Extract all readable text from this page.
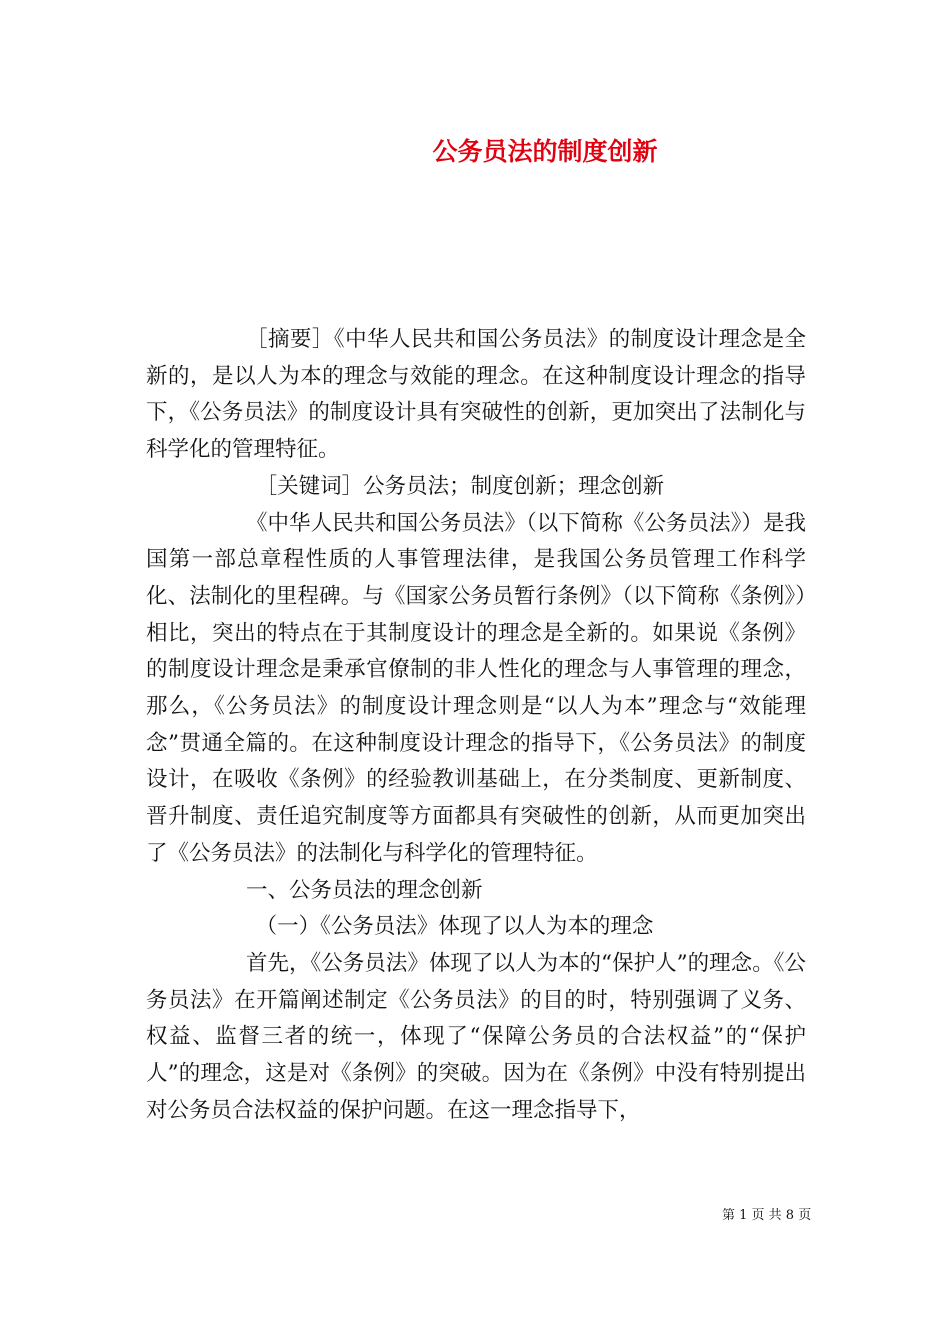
公务员法的制度创新

［摘要］《中华人民共和国公务员法》的制度设计理念是全新的，是以人为本的理念与效能的理念。在这种制度设计理念的指导下，《公务员法》的制度设计具有突破性的创新，更加突出了法制化与科学化的管理特征。

［关键词］公务员法；制度创新；理念创新

《中华人民共和国公务员法》（以下简称《公务员法》）是我国第一部总章程性质的人事管理法律，是我国公务员管理工作科学化、法制化的里程碑。与《国家公务员暂行条例》（以下简称《条例》）相比，突出的特点在于其制度设计的理念是全新的。如果说《条例》的制度设计理念是秉承官僚制的非人性化的理念与人事管理的理念，那么，《公务员法》的制度设计理念则是“以人为本”理念与“效能理念”贯通全篇的。在这种制度设计理念的指导下，《公务员法》的制度设计，在吸收《条例》的经验教训基础上，在分类制度、更新制度、晋升制度、责任追究制度等方面都具有突破性的创新，从而更加突出了《公务员法》的法制化与科学化的管理特征。

一、公务员法的理念创新

（一）《公务员法》体现了以人为本的理念

首先，《公务员法》体现了以人为本的“保护人”的理念。《公务员法》在开篇阐述制定《公务员法》的目的时，特别强调了义务、权益、监督三者的统一，体现了“保障公务员的合法权益”的“保护人”的理念，这是对《条例》的突破。因为在《条例》中没有特别提出对公务员合法权益的保护问题。在这一理念指导下，

第 1 页 共 8 页
